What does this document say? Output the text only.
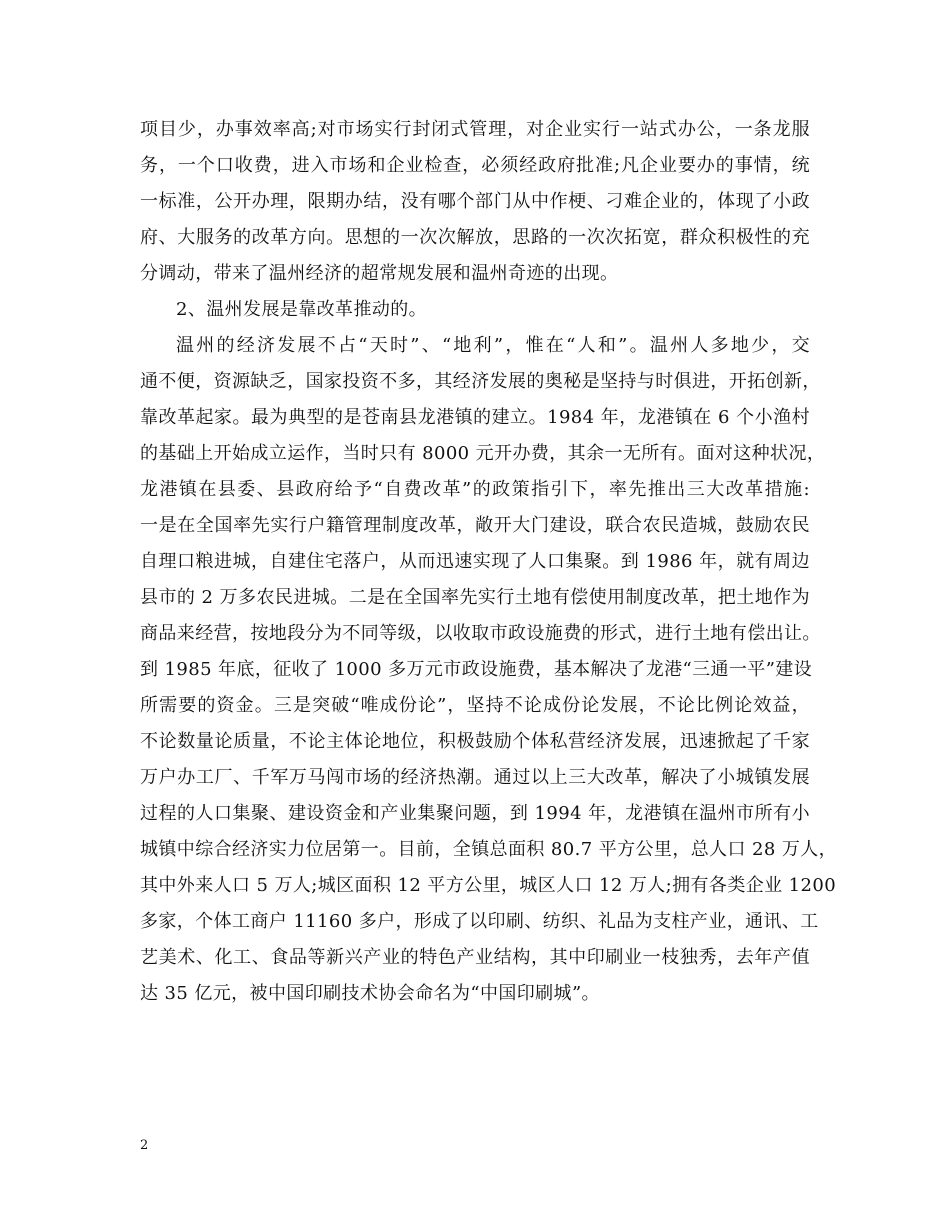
项目少，办事效率高;对市场实行封闭式管理，对企业实行一站式办公，一条龙服
务，一个口收费，进入市场和企业检查，必须经政府批准;凡企业要办的事情，统
一标准，公开办理，限期办结，没有哪个部门从中作梗、刁难企业的，体现了小政
府、大服务的改革方向。思想的一次次解放，思路的一次次拓宽，群众积极性的充
分调动，带来了温州经济的超常规发展和温州奇迹的出现。
2、温州发展是靠改革推动的。
温州的经济发展不占“天时”、“地利”，惟在“人和”。温州人多地少，交
通不便，资源缺乏，国家投资不多，其经济发展的奥秘是坚持与时俱进，开拓创新，
靠改革起家。最为典型的是苍南县龙港镇的建立。1984 年，龙港镇在 6 个小渔村
的基础上开始成立运作，当时只有 8000 元开办费，其余一无所有。面对这种状况，
龙港镇在县委、县政府给予“自费改革”的政策指引下，率先推出三大改革措施:
一是在全国率先实行户籍管理制度改革，敞开大门建设，联合农民造城，鼓励农民
自理口粮进城，自建住宅落户，从而迅速实现了人口集聚。到 1986 年，就有周边
县市的 2 万多农民进城。二是在全国率先实行土地有偿使用制度改革，把土地作为
商品来经营，按地段分为不同等级，以收取市政设施费的形式，进行土地有偿出让。
到 1985 年底，征收了 1000 多万元市政设施费，基本解决了龙港“三通一平”建设
所需要的资金。三是突破“唯成份论”，坚持不论成份论发展，不论比例论效益，
不论数量论质量，不论主体论地位，积极鼓励个体私营经济发展，迅速掀起了千家
万户办工厂、千军万马闯市场的经济热潮。通过以上三大改革，解决了小城镇发展
过程的人口集聚、建设资金和产业集聚问题，到 1994 年，龙港镇在温州市所有小
城镇中综合经济实力位居第一。目前，全镇总面积 80.7 平方公里，总人口 28 万人，
其中外来人口 5 万人;城区面积 12 平方公里，城区人口 12 万人;拥有各类企业 1200
多家，个体工商户 11160 多户，形成了以印刷、纺织、礼品为支柱产业，通讯、工
艺美术、化工、食品等新兴产业的特色产业结构，其中印刷业一枝独秀，去年产值
达 35 亿元，被中国印刷技术协会命名为“中国印刷城”。
2
